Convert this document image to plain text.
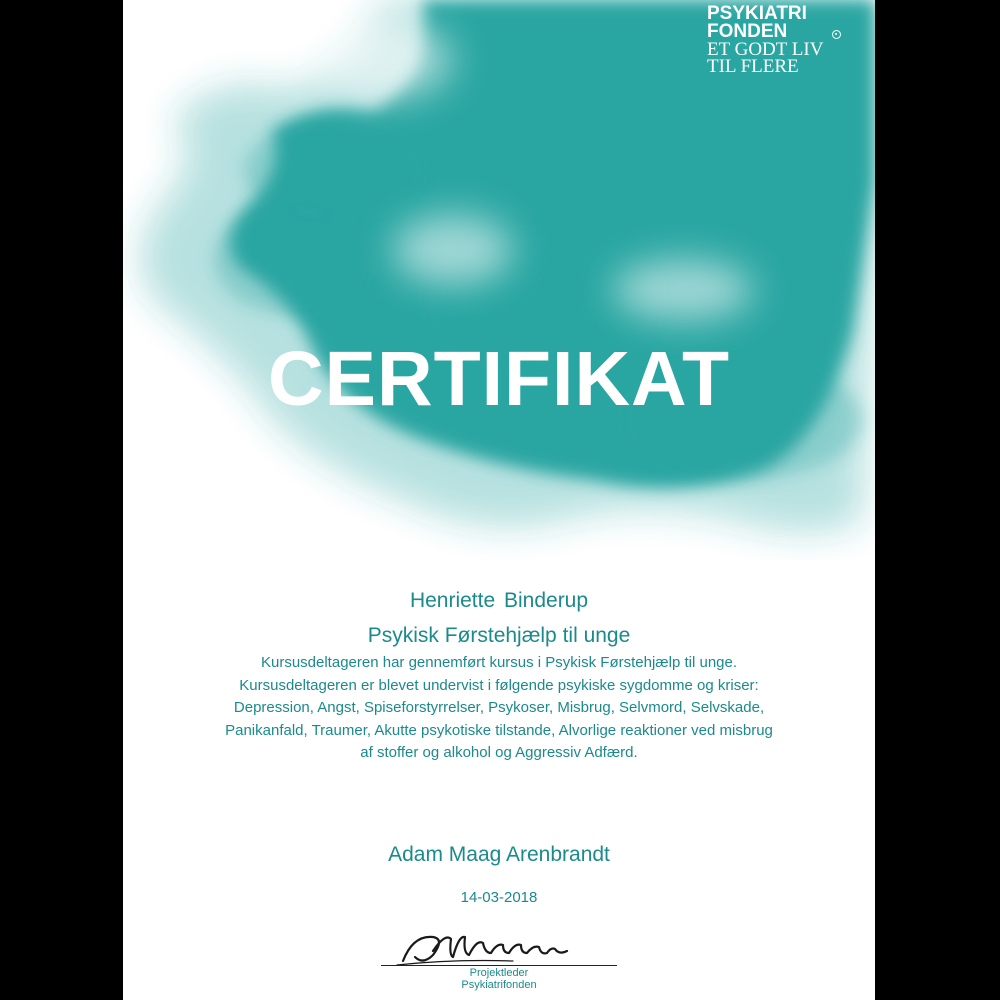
PSYKIATRI
FONDEN
ET GODT LIV
TIL FLERE
CERTIFIKAT
Henriette Binderup
Psykisk Førstehjælp til unge
Kursusdeltageren har gennemført kursus i Psykisk Førstehjælp til unge. Kursusdeltageren er blevet undervist i følgende psykiske sygdomme og kriser: Depression, Angst, Spiseforstyrrelser, Psykoser, Misbrug, Selvmord, Selvskade, Panikanfald, Traumer, Akutte psykotiske tilstande, Alvorlige reaktioner ved misbrug af stoffer og alkohol og Aggressiv Adfærd.
Adam Maag Arenbrandt
14-03-2018
Projektleder
Psykiatrifonden
